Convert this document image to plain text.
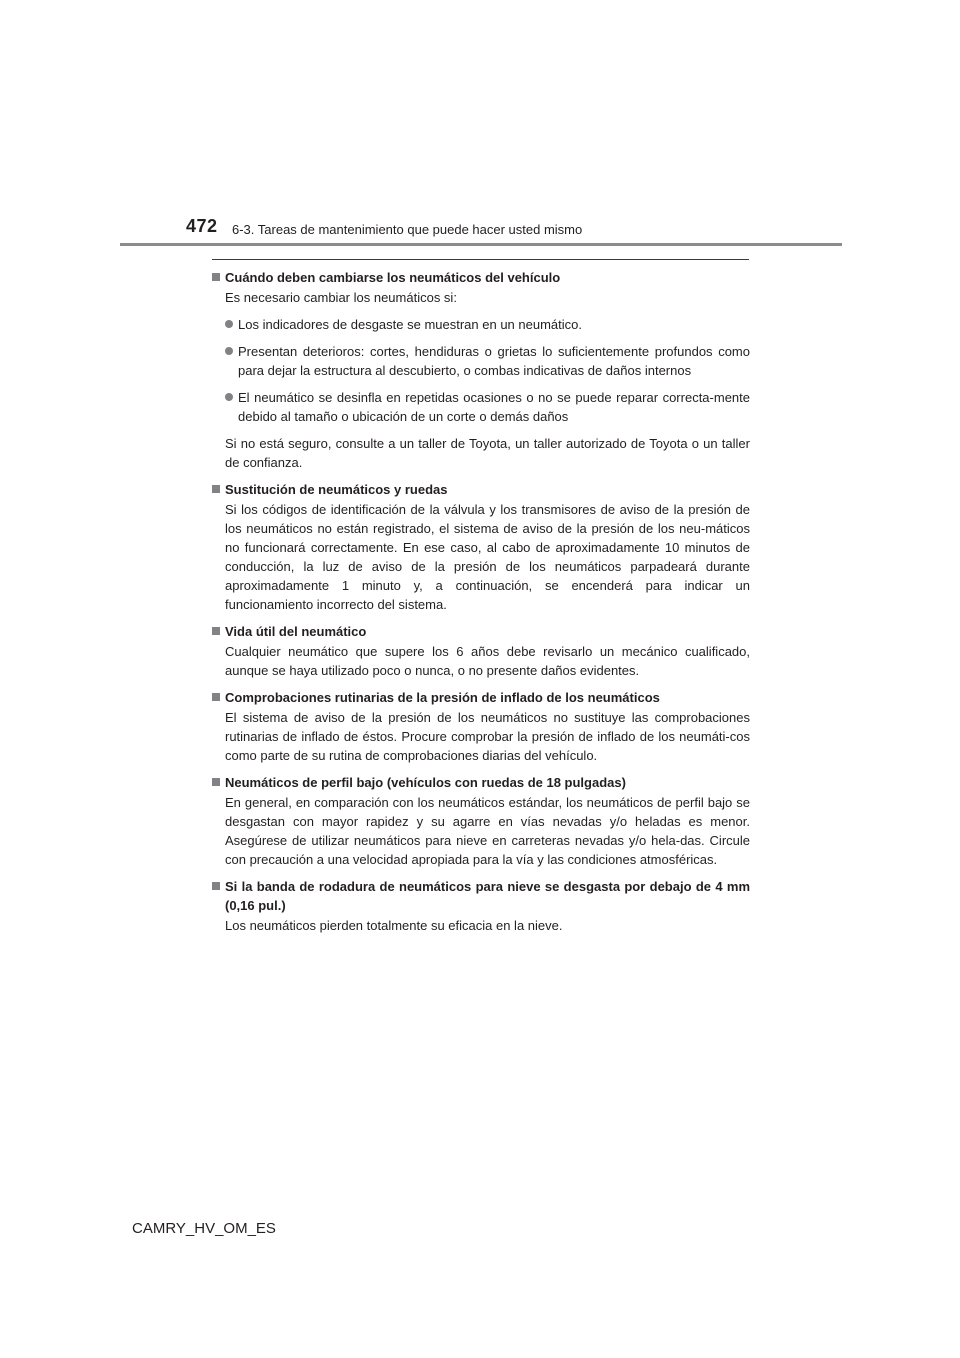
472 6-3. Tareas de mantenimiento que puede hacer usted mismo
Cuándo deben cambiarse los neumáticos del vehículo
Es necesario cambiar los neumáticos si:
Los indicadores de desgaste se muestran en un neumático.
Presentan deterioros: cortes, hendiduras o grietas lo suficientemente profundos como para dejar la estructura al descubierto, o combas indicativas de daños internos
El neumático se desinfla en repetidas ocasiones o no se puede reparar correcta-mente debido al tamaño o ubicación de un corte o demás daños
Si no está seguro, consulte a un taller de Toyota, un taller autorizado de Toyota o un taller de confianza.
Sustitución de neumáticos y ruedas
Si los códigos de identificación de la válvula y los transmisores de aviso de la presión de los neumáticos no están registrado, el sistema de aviso de la presión de los neu-máticos no funcionará correctamente. En ese caso, al cabo de aproximadamente 10 minutos de conducción, la luz de aviso de la presión de los neumáticos parpadeará durante aproximadamente 1 minuto y, a continuación, se encenderá para indicar un funcionamiento incorrecto del sistema.
Vida útil del neumático
Cualquier neumático que supere los 6 años debe revisarlo un mecánico cualificado, aunque se haya utilizado poco o nunca, o no presente daños evidentes.
Comprobaciones rutinarias de la presión de inflado de los neumáticos
El sistema de aviso de la presión de los neumáticos no sustituye las comprobaciones rutinarias de inflado de éstos. Procure comprobar la presión de inflado de los neumáti-cos como parte de su rutina de comprobaciones diarias del vehículo.
Neumáticos de perfil bajo (vehículos con ruedas de 18 pulgadas)
En general, en comparación con los neumáticos estándar, los neumáticos de perfil bajo se desgastan con mayor rapidez y su agarre en vías nevadas y/o heladas es menor. Asegúrese de utilizar neumáticos para nieve en carreteras nevadas y/o hela-das. Circule con precaución a una velocidad apropiada para la vía y las condiciones atmosféricas.
Si la banda de rodadura de neumáticos para nieve se desgasta por debajo de 4 mm (0,16 pul.)
Los neumáticos pierden totalmente su eficacia en la nieve.
CAMRY_HV_OM_ES
